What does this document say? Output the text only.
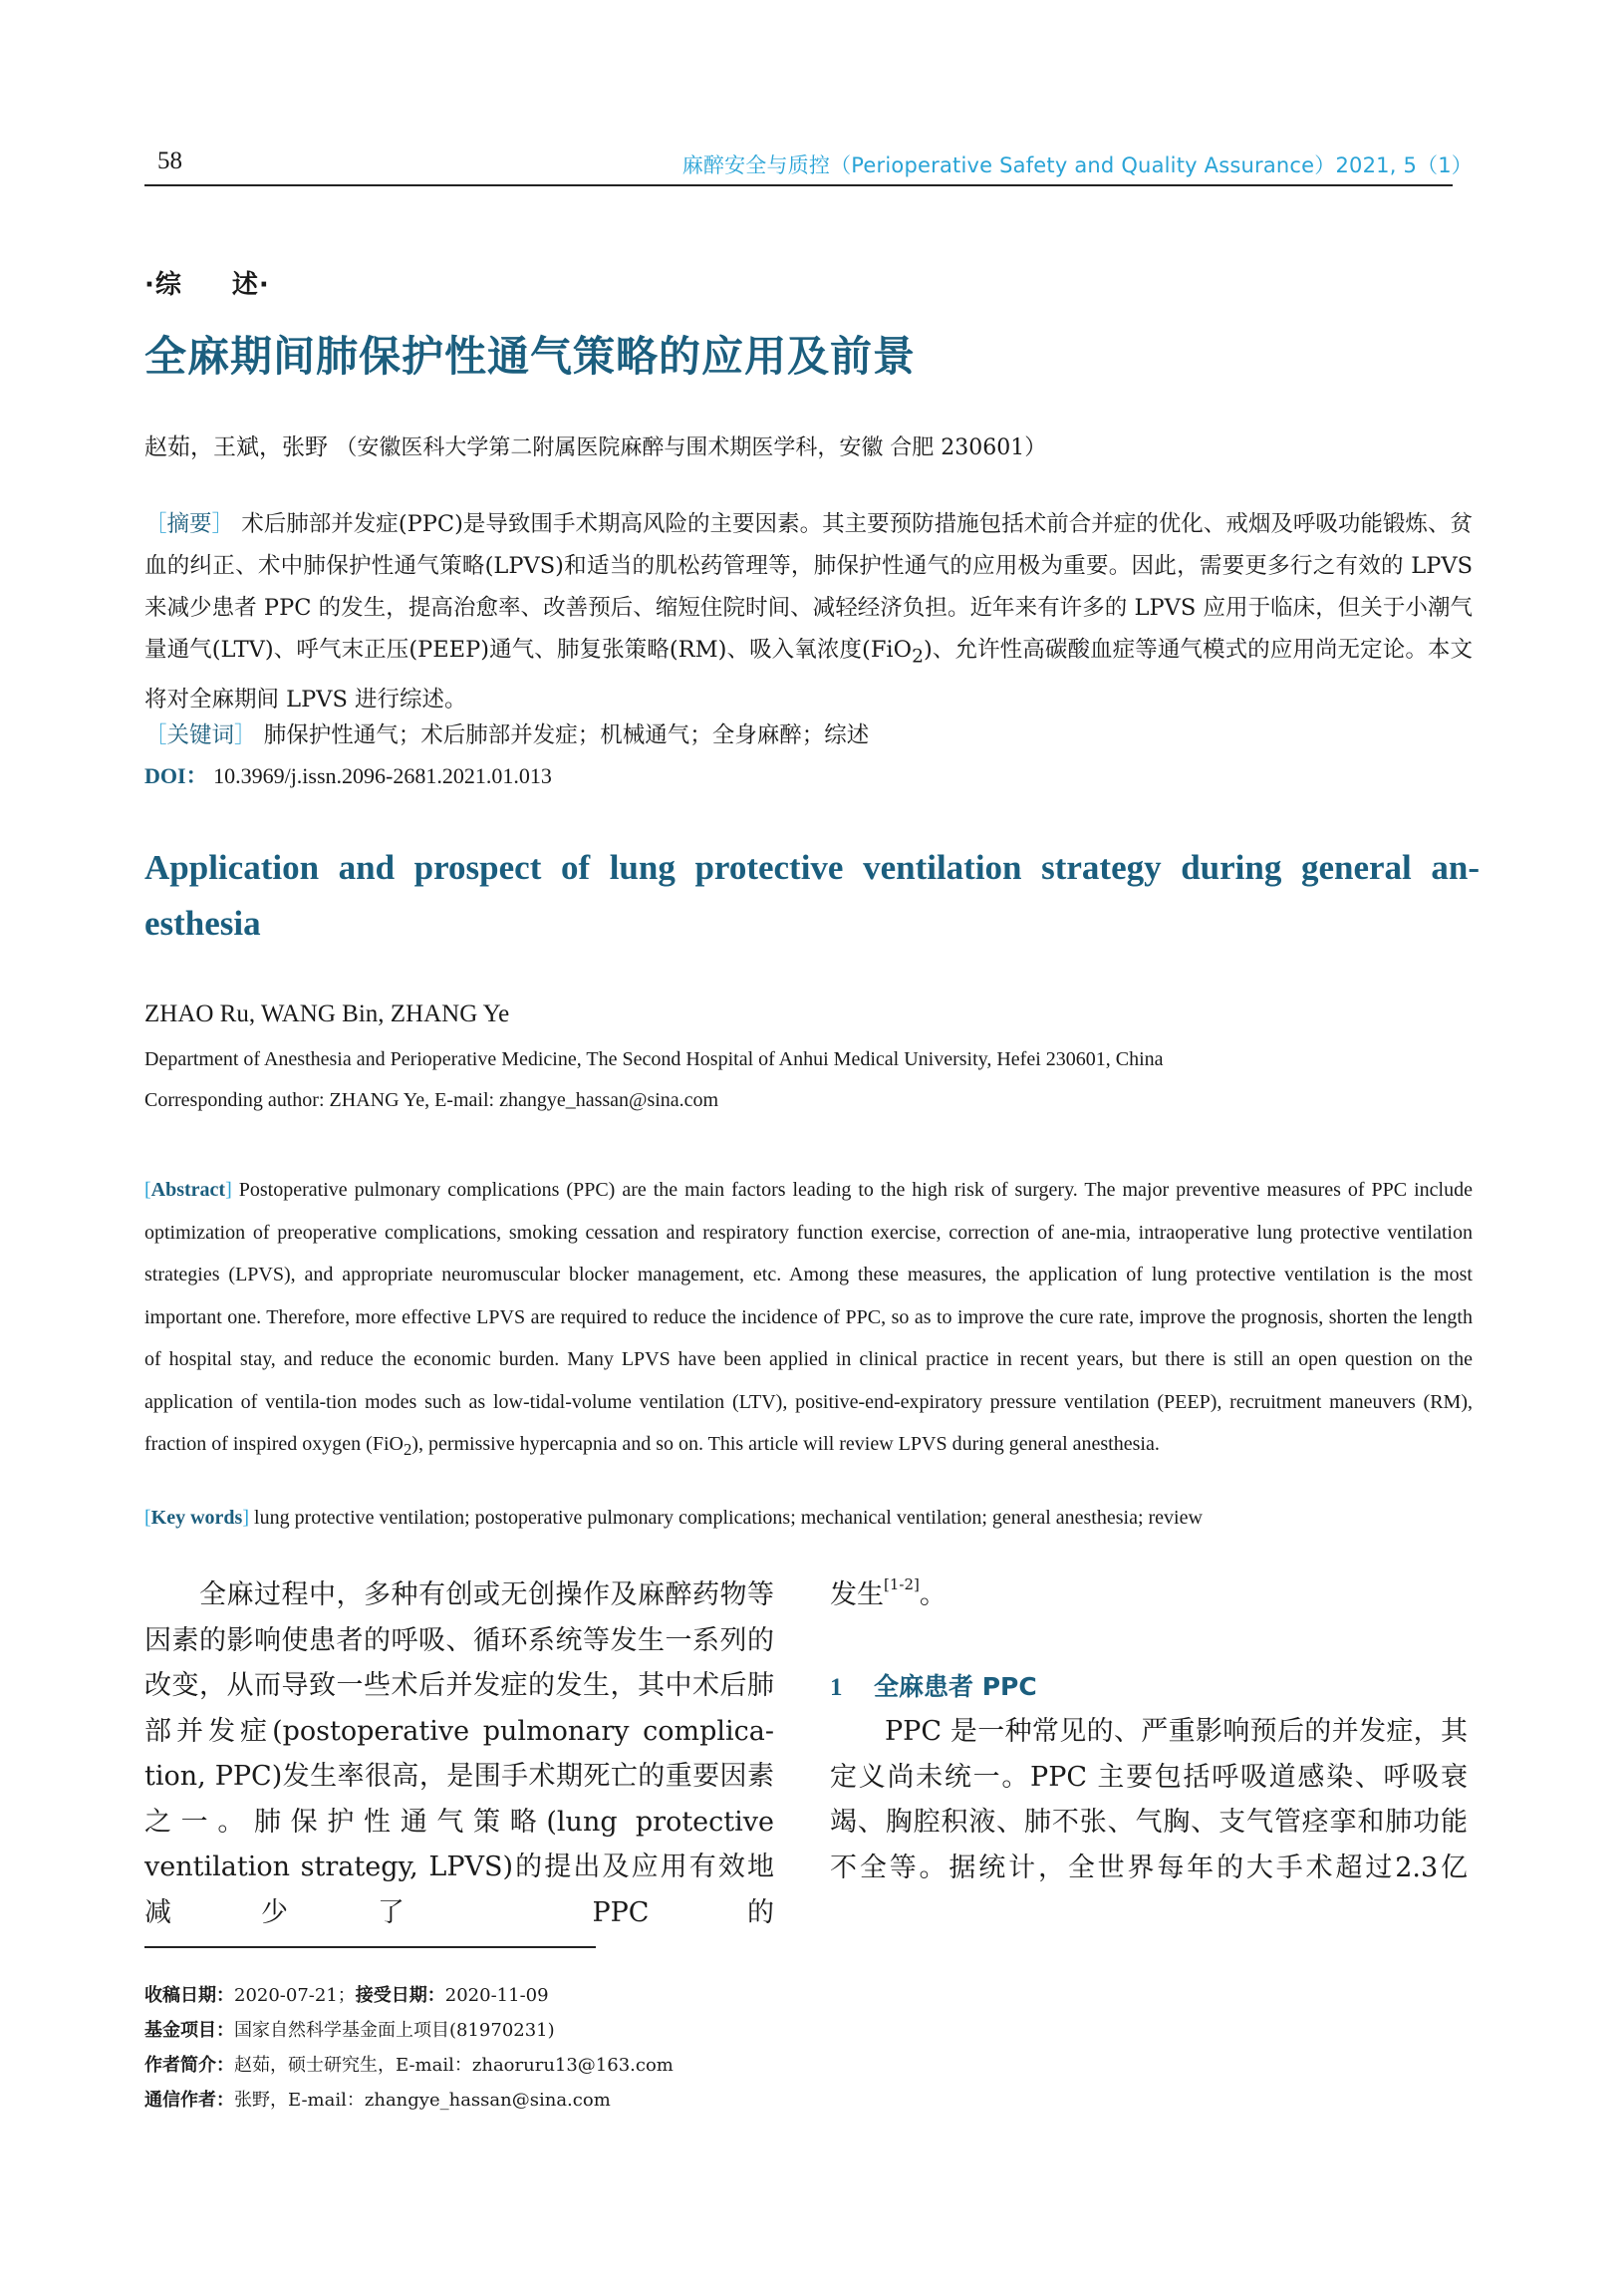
58	麻醉安全与质控（Perioperative Safety and Quality Assurance）2021, 5（1）
·综 述·
全麻期间肺保护性通气策略的应用及前景
赵茹，王斌，张野 （安徽医科大学第二附属医院麻醉与围术期医学科，安徽 合肥 230601）
［摘要］ 术后肺部并发症(PPC)是导致围手术期高风险的主要因素。其主要预防措施包括术前合并症的优化、戒烟及呼吸功能锻炼、贫血的纠正、术中肺保护性通气策略(LPVS)和适当的肌松药管理等，肺保护性通气的应用极为重要。因此，需要更多行之有效的 LPVS 来减少患者 PPC 的发生，提高治愈率、改善预后、缩短住院时间、减轻经济负担。近年来有许多的 LPVS 应用于临床，但关于小潮气量通气(LTV)、呼气末正压(PEEP)通气、肺复张策略(RM)、吸入氧浓度(FiO$_2$)、允许性高碳酸血症等通气模式的应用尚无定论。本文将对全麻期间 LPVS 进行综述。
［关键词］ 肺保护性通气；术后肺部并发症；机械通气；全身麻醉；综述
DOI： 10.3969/j.issn.2096-2681.2021.01.013
Application and prospect of lung protective ventilation strategy during general an-esthesia
ZHAO Ru, WANG Bin, ZHANG Ye
Department of Anesthesia and Perioperative Medicine, The Second Hospital of Anhui Medical University, Hefei 230601, China
Corresponding author: ZHANG Ye, E-mail: zhangye_hassan@sina.com
[Abstract] Postoperative pulmonary complications (PPC) are the main factors leading to the high risk of surgery. The major preventive measures of PPC include optimization of preoperative complications, smoking cessation and respiratory function exercise, correction of ane-mia, intraoperative lung protective ventilation strategies (LPVS), and appropriate neuromuscular blocker management, etc. Among these measures, the application of lung protective ventilation is the most important one. Therefore, more effective LPVS are required to reduce the incidence of PPC, so as to improve the cure rate, improve the prognosis, shorten the length of hospital stay, and reduce the economic burden. Many LPVS have been applied in clinical practice in recent years, but there is still an open question on the application of ventila-tion modes such as low-tidal-volume ventilation (LTV), positive-end-expiratory pressure ventilation (PEEP), recruitment maneuvers (RM), fraction of inspired oxygen (FiO$_2$), permissive hypercapnia and so on. This article will review LPVS during general anesthesia.
[Key words] lung protective ventilation; postoperative pulmonary complications; mechanical ventilation; general anesthesia; review
全麻过程中，多种有创或无创操作及麻醉药物等因素的影响使患者的呼吸、循环系统等发生一系列的改变，从而导致一些术后并发症的发生，其中术后肺部并发症(postoperative pulmonary complica-tion, PPC)发生率很高，是围手术期死亡的重要因素之一。肺保护性通气策略(lung protective ventilation strategy, LPVS)的提出及应用有效地减少了 PPC 的
发生[1-2]。
1 全麻患者 PPC
PPC 是一种常见的、严重影响预后的并发症，其定义尚未统一。PPC 主要包括呼吸道感染、呼吸衰竭、胸腔积液、肺不张、气胸、支气管痉挛和肺功能不全等。据统计，全世界每年的大手术超过2.3亿
收稿日期：2020-07-21；接受日期：2020-11-09
基金项目：国家自然科学基金面上项目(81970231)
作者简介：赵茹，硕士研究生，E-mail：zhaoruru13@163.com
通信作者：张野，E-mail：zhangye_hassan@sina.com
